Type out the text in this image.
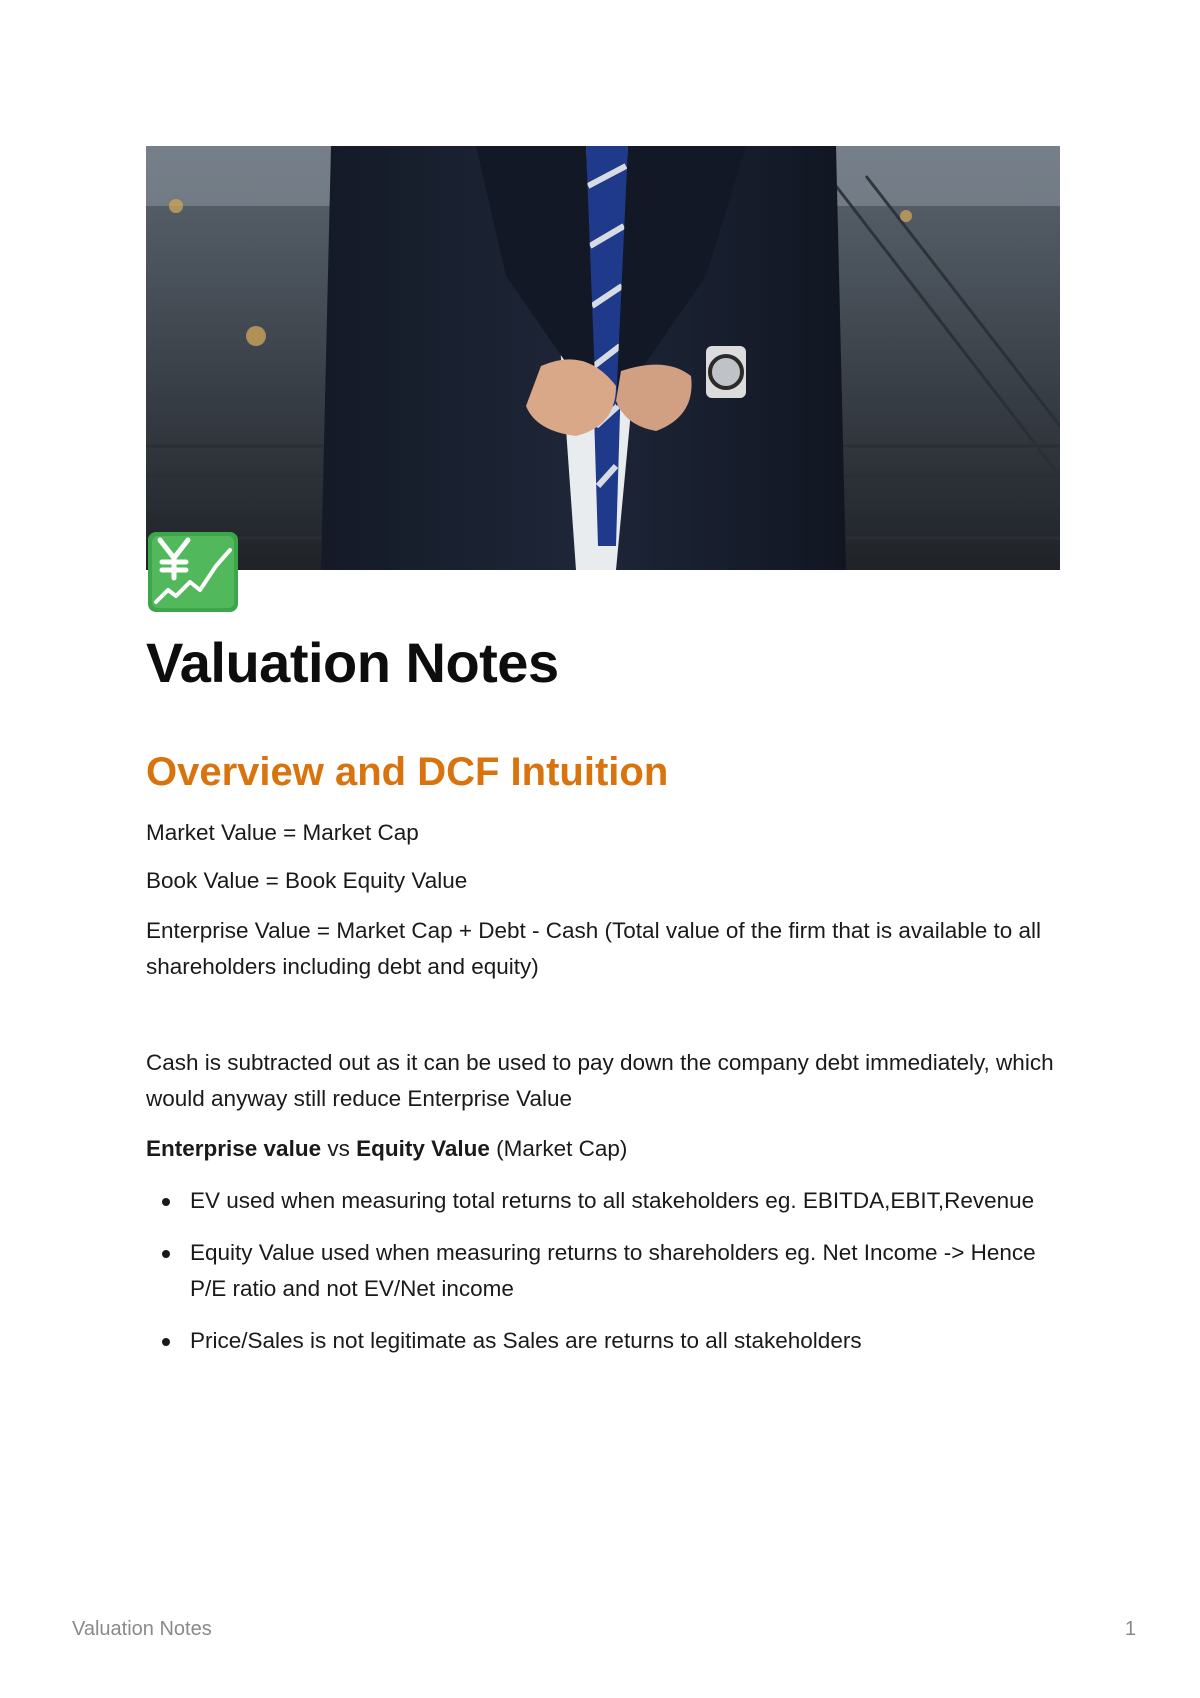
Valuation Notes
Overview and DCF Intuition

Market Value = Market Cap

Book Value = Book Equity Value

Enterprise Value = Market Cap + Debt - Cash (Total value of the firm that is available to all shareholders including debt and equity)

Cash is subtracted out as it can be used to pay down the company debt immediately, which would anyway still reduce Enterprise Value

Enterprise value vs Equity Value (Market Cap)

EV used when measuring total returns to all stakeholders eg. EBITDA,EBIT,Revenue
Equity Value used when measuring returns to shareholders eg. Net Income -> Hence P/E ratio and not EV/Net income
Price/Sales is not legitimate as Sales are returns to all stakeholders
Valuation Notes	1
